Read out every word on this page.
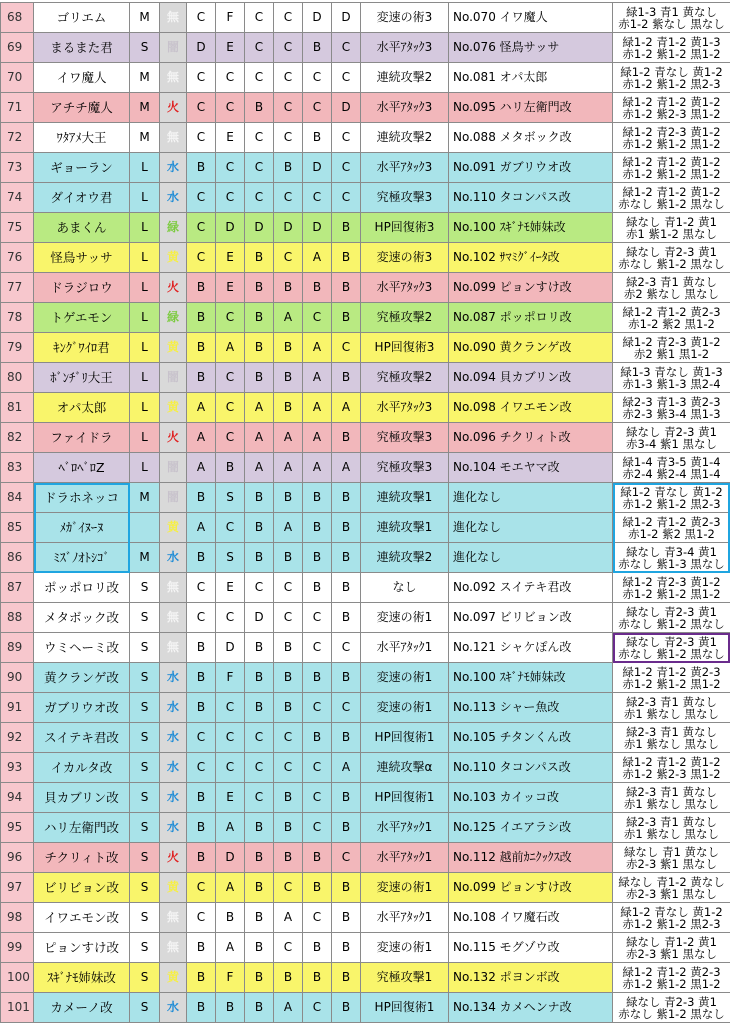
68	ゴリエム	M	無	C	F	C	C	D	D	変速の術3	No.070 イワ魔人	緑1-3 青1 黄なし
赤1-2 紫なし 黒なし

69	まるまた君	S	闇	D	E	C	C	B	C	水平ｱﾀｯｸ3	No.076 怪鳥サッサ	緑1-2 青1-2 黄1-3
赤1-2 紫1-2 黒1-2

70	イワ魔人	M	無	C	C	C	C	C	C	連続攻撃2	No.081 オパ太郎	緑1-2 青なし 黄1-2
赤1-2 紫1-2 黒2-3

71	アチチ魔人	M	火	C	C	B	C	C	D	水平ｱﾀｯｸ3	No.095 ハリ左衛門改	緑1-2 青1-2 黄1-2
赤1-2 紫2-3 黒1-2

72	ﾜﾀｱﾒ大王	M	無	C	E	C	C	B	C	連続攻撃2	No.088 メタボック改	緑1-2 青2-3 黄1-2
赤1-2 紫1-2 黒1-2

73	ギョーラン	L	水	B	C	C	B	D	C	水平ｱﾀｯｸ3	No.091 ガブリウオ改	緑1-2 青1-2 黄1-2
赤1-2 紫1-2 黒1-2

74	ダイオウ君	L	水	C	C	C	C	C	C	究極攻撃3	No.110 タコンパス改	緑1-2 青1-2 黄1-2
赤なし 紫1-2 黒なし

75	あまくん	L	緑	C	D	D	D	D	B	HP回復術3	No.100 ｽｷﾞﾅﾓ姉妹改	緑なし 青1-2 黄1
赤1 紫1-2 黒なし

76	怪鳥サッサ	L	黄	C	E	B	C	A	B	変速の術3	No.102 ｻﾏﾐｸﾞｲｰﾀ改	緑なし 青2-3 黄1
赤なし 紫1-2 黒なし

77	ドラジロウ	L	火	B	E	B	B	B	B	水平ｱﾀｯｸ3	No.099 ピョンすけ改	緑2-3 青1 黄なし
赤2 紫なし 黒なし

78	トゲエモン	L	緑	B	C	B	A	C	B	究極攻撃2	No.087 ポッポロリ改	緑1-2 青1-2 黄2-3
赤1-2 紫2 黒1-2

79	ｷﾝｸﾞﾜｲﾛ君	L	黄	B	A	B	B	A	C	HP回復術3	No.090 黄クランゲ改	緑1-2 青2-3 黄1-2
赤2 紫1 黒1-2

80	ﾎﾞﾝﾁﾞﾘ大王	L	闇	B	C	B	B	A	B	究極攻撃2	No.094 貝カブリン改	緑1-3 青なし 黄1-3
赤1-3 紫1-3 黒2-4

81	オパ太郎	L	黄	A	C	A	B	A	A	水平ｱﾀｯｸ3	No.098 イワエモン改	緑2-3 青1-3 黄2-3
赤2-3 紫3-4 黒1-3

82	ファイドラ	L	火	A	C	A	A	A	B	究極攻撃3	No.096 チクリィト改	緑なし 青2-3 黄1
赤3-4 紫1 黒なし

83	ﾍﾞﾛﾍﾞﾛZ	L	闇	A	B	A	A	A	A	究極攻撃3	No.104 モエヤマ改	緑1-4 青3-5 黄1-4
赤2-4 紫2-4 黒1-4

84	ドラホネッコ	M	闇	B	S	B	B	B	B	連続攻撃1	進化なし	緑1-2 青なし 黄1-2
赤1-2 紫1-2 黒2-3

85	ﾒｶﾞｲﾇｰﾇ		黄	A	C	B	A	B	B	連続攻撃1	進化なし	緑1-2 青1-2 黄2-3
赤1-2 紫2 黒1-2

86	ﾐｽﾞﾉｵﾄｼｺﾞ	M	水	B	S	B	B	B	B	連続攻撃2	進化なし	緑なし 青3-4 黄1
赤なし 紫1-3 黒なし

87	ポッポロリ改	S	無	C	E	C	C	B	B	なし	No.092 スイテキ君改	緑1-2 青2-3 黄1-2
赤1-2 紫1-2 黒1-2

88	メタボック改	S	無	C	C	D	C	C	B	変速の術1	No.097 ビリビョン改	緑なし 青2-3 黄1
赤なし 紫1-2 黒なし

89	ウミヘーミ改	S	無	B	D	B	B	C	C	水平ｱﾀｯｸ1	No.121 シャケぽん改	緑なし 青2-3 黄1
赤なし 紫1-2 黒なし

90	黄クランゲ改	S	水	B	F	B	B	B	B	変速の術1	No.100 ｽｷﾞﾅﾓ姉妹改	緑1-2 青1-2 黄2-3
赤1-2 紫1-2 黒1-2

91	ガブリウオ改	S	水	B	C	B	B	C	C	変速の術1	No.113 シャー魚改	緑2-3 青1 黄なし
赤1 紫なし 黒なし

92	スイテキ君改	S	水	C	C	C	C	B	B	HP回復術1	No.105 チタンくん改	緑2-3 青1 黄なし
赤1 紫なし 黒なし

93	イカルタ改	S	水	C	C	C	C	C	A	連続攻撃α	No.110 タコンパス改	緑1-2 青1-2 黄1-2
赤1-2 紫2-3 黒1-2

94	貝カブリン改	S	水	B	E	C	B	C	B	HP回復術1	No.103 カイッコ改	緑2-3 青1 黄なし
赤1 紫なし 黒なし

95	ハリ左衛門改	S	水	B	A	B	B	C	B	水平ｱﾀｯｸ1	No.125 イエアラシ改	緑2-3 青1 黄なし
赤1 紫なし 黒なし

96	チクリィト改	S	火	B	D	B	B	B	C	水平ｱﾀｯｸ1	No.112 越前ｶﾆｸｯｸｽ改	緑なし 青1 黄なし
赤2-3 紫1 黒なし

97	ビリビョン改	S	黄	C	A	B	C	B	B	変速の術1	No.099 ピョンすけ改	緑なし 青1-2 黄なし
赤2-3 紫1 黒なし

98	イワエモン改	S	無	C	B	B	A	C	B	水平ｱﾀｯｸ1	No.108 イワ魔石改	緑1-2 青なし 黄1-2
赤1-2 紫1-2 黒2-3

99	ピョンすけ改	S	無	B	A	B	C	B	B	変速の術1	No.115 モグゾウ改	緑なし 青1-2 黄1
赤2-3 紫1 黒なし

100	ｽｷﾞﾅﾓ姉妹改	S	黄	B	F	B	B	B	B	究極攻撃1	No.132 ポヨンボ改	緑1-2 青1-2 黄2-3
赤1-2 紫1-2 黒1-2

101	カメーノ改	S	水	B	B	B	A	C	B	HP回復術1	No.134 カメヘンナ改	緑なし 青2-3 黄1
赤なし 紫1-2 黒なし
